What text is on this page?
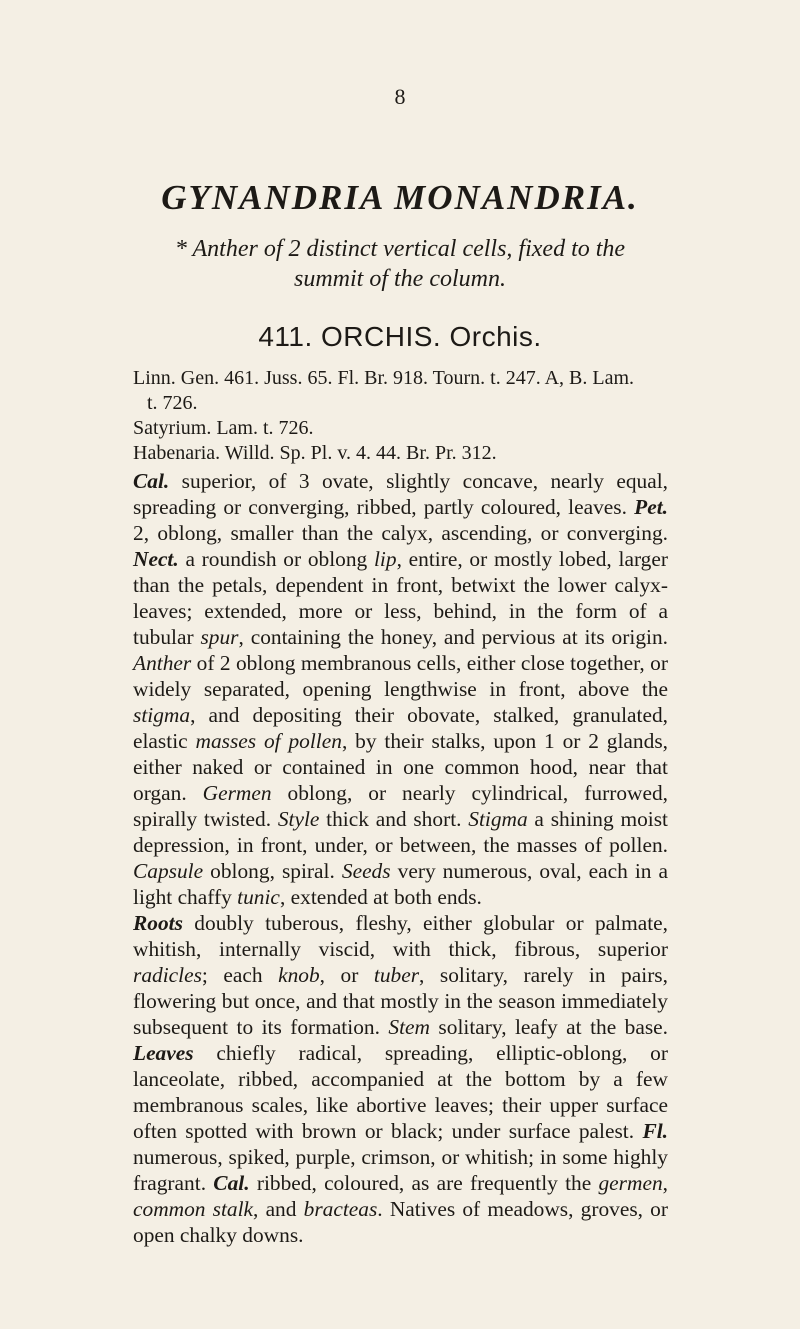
8
GYNANDRIA MONANDRIA.
* Anther of 2 distinct vertical cells, fixed to the summit of the column.
411. ORCHIS. Orchis.
Linn. Gen. 461. Juss. 65. Fl. Br. 918. Tourn. t. 247. A, B. Lam.
t. 726.
Satyrium. Lam. t. 726.
Habenaria. Willd. Sp. Pl. v. 4. 44. Br. Pr. 312.

Cal. superior, of 3 ovate, slightly concave, nearly equal, spreading or converging, ribbed, partly coloured, leaves. Pet. 2, oblong, smaller than the calyx, ascending, or converging. Nect. a roundish or oblong lip, entire, or mostly lobed, larger than the petals, dependent in front, betwixt the lower calyx-leaves; extended, more or less, behind, in the form of a tubular spur, containing the honey, and pervious at its origin. Anther of 2 oblong membranous cells, either close together, or widely separated, opening lengthwise in front, above the stigma, and depositing their obovate, stalked, granulated, elastic masses of pollen, by their stalks, upon 1 or 2 glands, either naked or contained in one common hood, near that organ. Germen oblong, or nearly cylindrical, furrowed, spirally twisted. Style thick and short. Stigma a shining moist depression, in front, under, or between, the masses of pollen. Capsule oblong, spiral. Seeds very numerous, oval, each in a light chaffy tunic, extended at both ends.

Roots doubly tuberous, fleshy, either globular or palmate, whitish, internally viscid, with thick, fibrous, superior radicles; each knob, or tuber, solitary, rarely in pairs, flowering but once, and that mostly in the season immediately subsequent to its formation. Stem solitary, leafy at the base. Leaves chiefly radical, spreading, elliptic-oblong, or lanceolate, ribbed, accompanied at the bottom by a few membranous scales, like abortive leaves; their upper surface often spotted with brown or black; under surface palest. Fl. numerous, spiked, purple, crimson, or whitish; in some highly fragrant. Cal. ribbed, coloured, as are frequently the germen, common stalk, and bracteas. Natives of meadows, groves, or open chalky downs.
